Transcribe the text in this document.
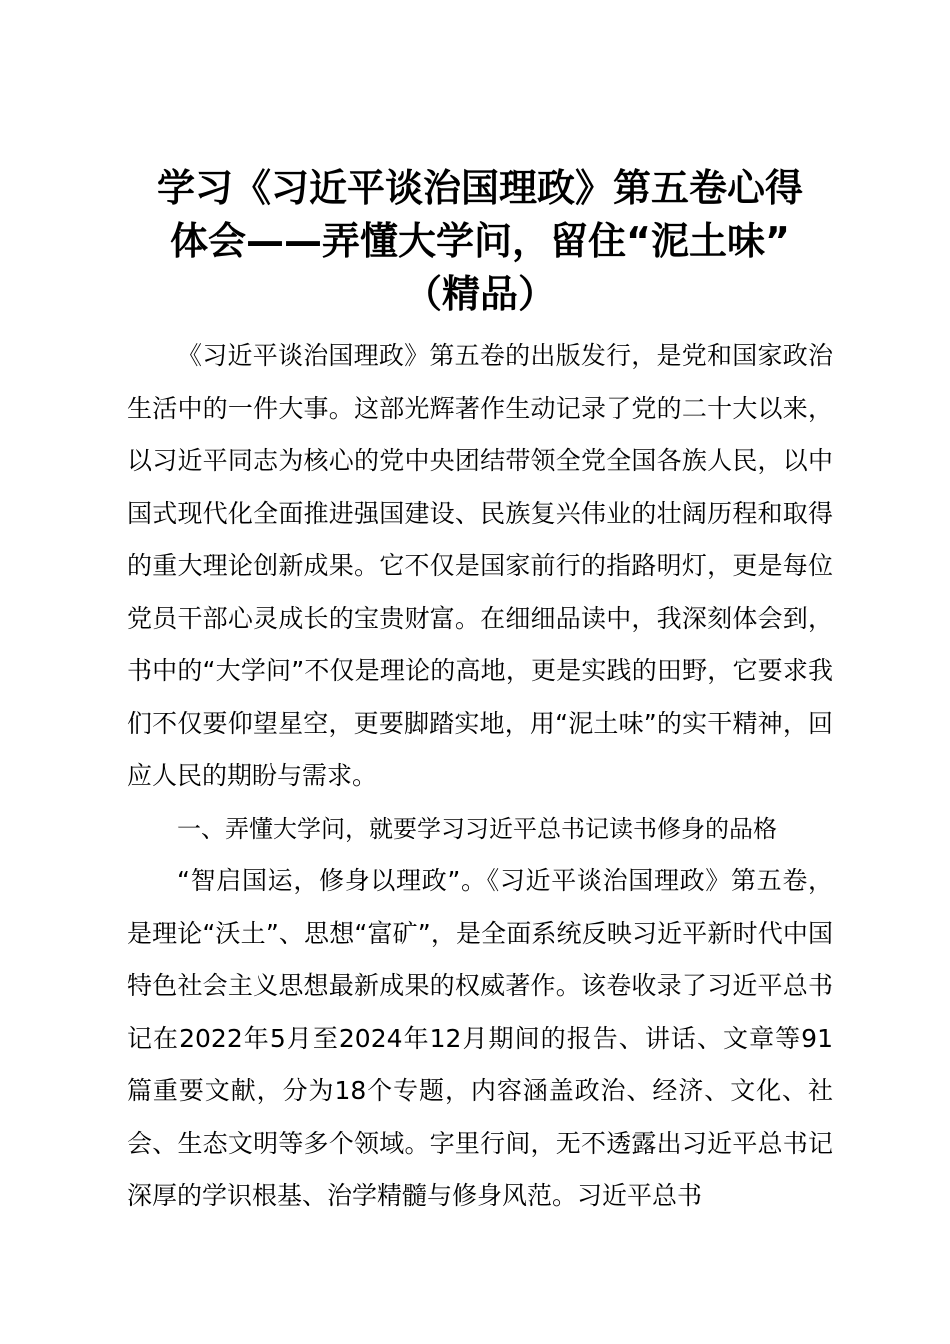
学习《习近平谈治国理政》第五卷心得
体会——弄懂大学问，留住“泥土味”
（精品）

《习近平谈治国理政》第五卷的出版发行，是党和国家政治生活中的一件大事。这部光辉著作生动记录了党的二十大以来，以习近平同志为核心的党中央团结带领全党全国各族人民，以中国式现代化全面推进强国建设、民族复兴伟业的壮阔历程和取得的重大理论创新成果。它不仅是国家前行的指路明灯，更是每位党员干部心灵成长的宝贵财富。在细细品读中，我深刻体会到，书中的“大学问”不仅是理论的高地，更是实践的田野，它要求我们不仅要仰望星空，更要脚踏实地，用“泥土味”的实干精神，回应人民的期盼与需求。

一、弄懂大学问，就要学习习近平总书记读书修身的品格

“智启国运，修身以理政”。《习近平谈治国理政》第五卷，是理论“沃土”、思想“富矿”，是全面系统反映习近平新时代中国特色社会主义思想最新成果的权威著作。该卷收录了习近平总书记在2022年5月至2024年12月期间的报告、讲话、文章等91篇重要文献，分为18个专题，内容涵盖政治、经济、文化、社会、生态文明等多个领域。字里行间，无不透露出习近平总书记深厚的学识根基、治学精髓与修身风范。习近平总书
